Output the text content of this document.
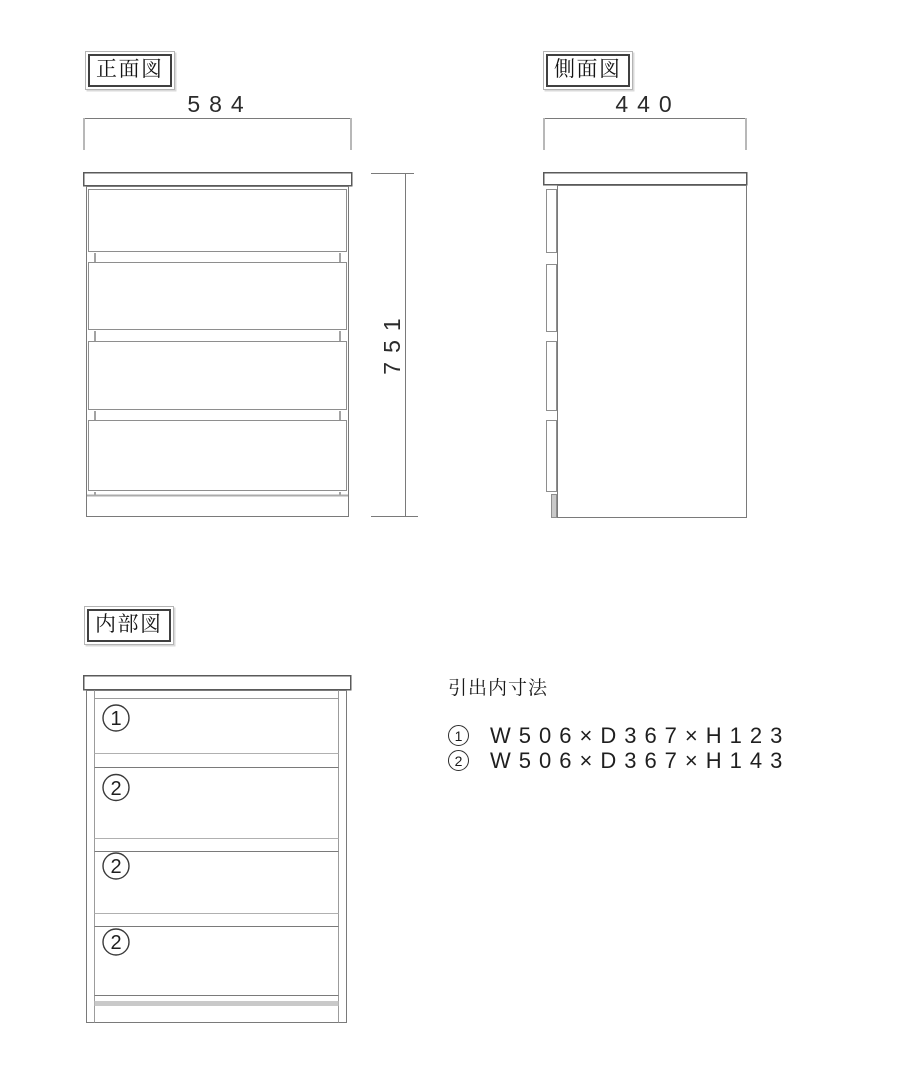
584
751
440
1
2
2
2
正面図	側面図
内部図
引出内寸法
1	W506×D367×H123
2	W506×D367×H143
